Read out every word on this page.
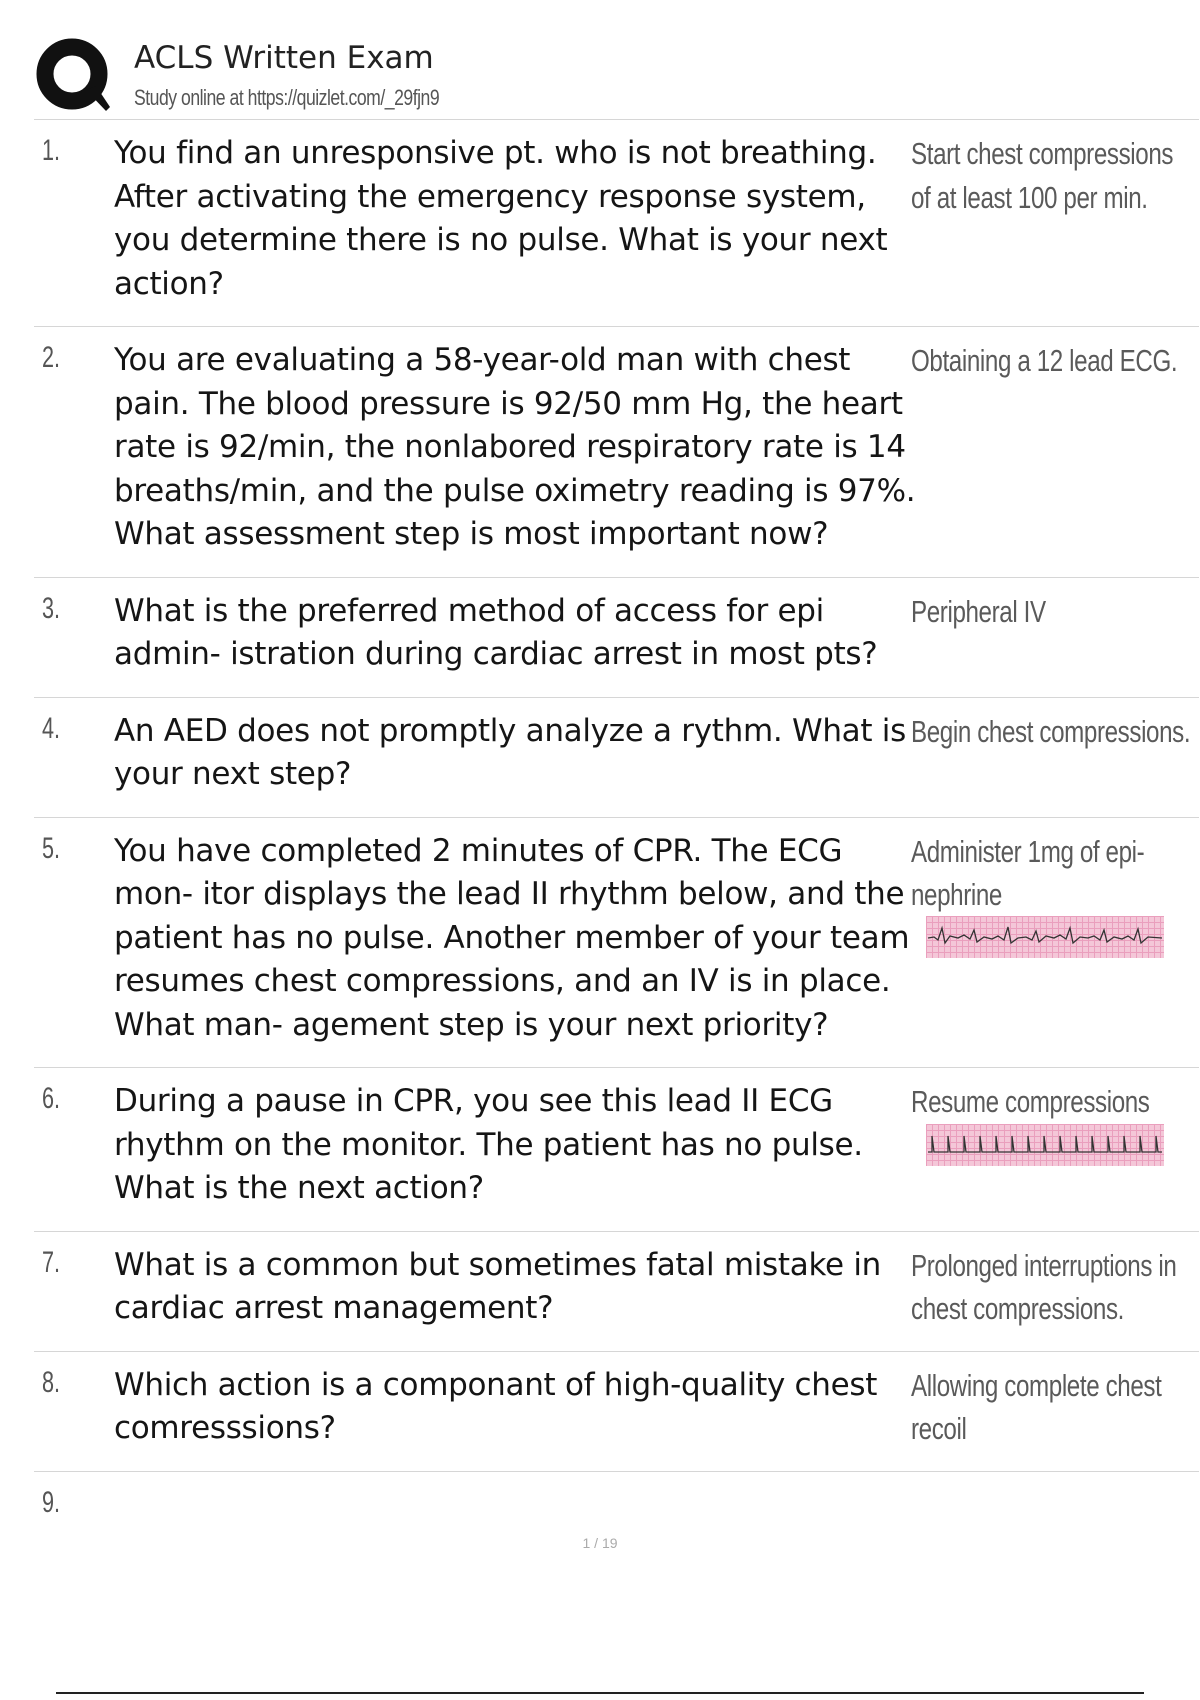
ACLS Written Exam
Study online at https://quizlet.com/_29fjn9
1. You find an unresponsive pt. who is not breathing. After activating the emergency response system, you determine there is no pulse. What is your next action?
Start chest compressions of at least 100 per min.
2. You are evaluating a 58-year-old man with chest pain. The blood pressure is 92/50 mm Hg, the heart rate is 92/min, the nonlabored respiratory rate is 14 breaths/min, and the pulse oximetry reading is 97%. What assessment step is most important now?
Obtaining a 12 lead ECG.
3. What is the preferred method of access for epi admin- istration during cardiac arrest in most pts?
Peripheral IV
4. An AED does not promptly analyze a rythm. What is your next step?
Begin chest compressions.
5. You have completed 2 minutes of CPR. The ECG mon- itor displays the lead II rhythm below, and the patient has no pulse. Another member of your team resumes chest compressions, and an IV is in place. What man- agement step is your next priority?
Administer 1mg of epi- nephrine
6. During a pause in CPR, you see this lead II ECG rhythm on the monitor. The patient has no pulse. What is the next action?
Resume compressions
7. What is a common but sometimes fatal mistake in cardiac arrest management?
Prolonged interruptions in chest compressions.
8. Which action is a componant of high-quality chest comresssions?
Allowing complete chest recoil
9.
1 / 19
